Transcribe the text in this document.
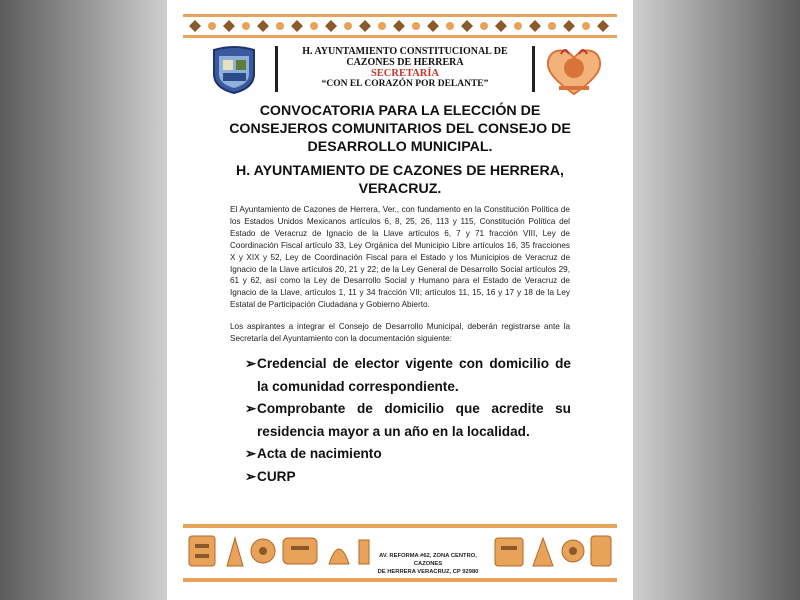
H. AYUNTAMIENTO CONSTITUCIONAL DE
CAZONES DE HERRERA
SECRETARÍA
“CON EL CORAZÓN POR DELANTE”
CONVOCATORIA PARA LA ELECCIÓN DE
CONSEJEROS COMUNITARIOS DEL CONSEJO DE
DESARROLLO MUNICIPAL.
H. AYUNTAMIENTO DE CAZONES DE HERRERA,
VERACRUZ.

El Ayuntamiento de Cazones de Herrera, Ver., con fundamento en la Constitución Política de los Estados Unidos Mexicanos artículos 6, 8, 25, 26, 113 y 115, Constitución Política del Estado de Veracruz de Ignacio de la Llave artículos 6, 7 y 71 fracción VIII, Ley de Coordinación Fiscal artículo 33, Ley Orgánica del Municipio Libre artículos 16, 35 fracciones X y XIX y 52, Ley de Coordinación Fiscal para el Estado y los Municipios de Veracruz de Ignacio de la Llave artículos 20, 21 y 22; de la Ley General de Desarrollo Social artículos 29, 61 y 62, así como la Ley de Desarrollo Social y Humano para el Estado de Veracruz de Ignacio de la Llave, artículos 1, 11 y 34 fracción VII; artículos 11, 15, 16 y 17 y 18 de la Ley Estatal de Participación Ciudadana y Gobierno Abierto.

Los aspirantes a integrar el Consejo de Desarrollo Municipal, deberán registrarse ante la Secretaría del Ayuntamiento con la documentación siguiente:

➢ Credencial de elector vigente con domicilio de la comunidad correspondiente.
➢ Comprobante de domicilio que acredite su residencia mayor a un año en la localidad.
➢ Acta de nacimiento
➢ CURP
AV. REFORMA #62, ZONA CENTRO, CAZONES
DE HERRERA VERACRUZ, CP 92980
